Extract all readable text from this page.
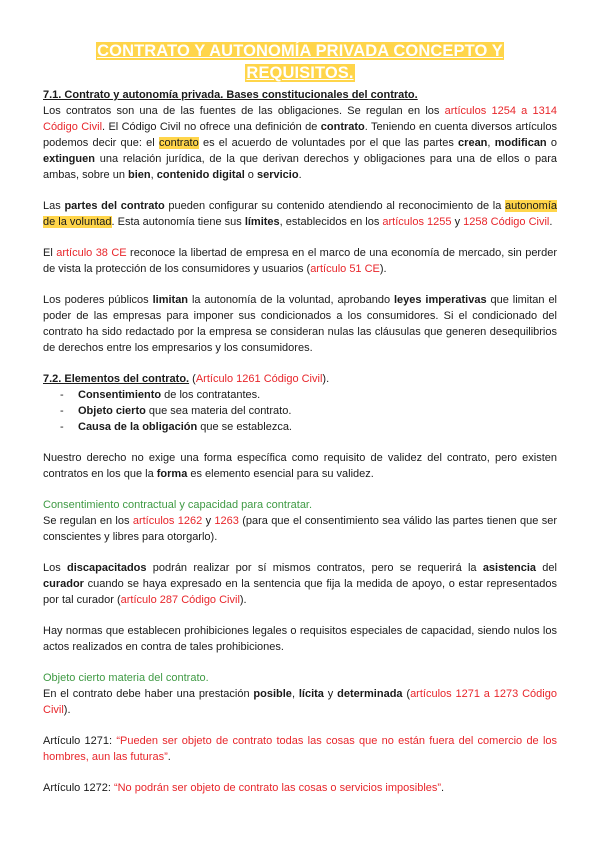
CONTRATO Y AUTONOMÍA PRIVADA CONCEPTO Y
REQUISITOS.
7.1. Contrato y autonomía privada. Bases constitucionales del contrato.

Los contratos son una de las fuentes de las obligaciones. Se regulan en los artículos 1254 a 1314 Código Civil. El Código Civil no ofrece una definición de contrato. Teniendo en cuenta diversos artículos podemos decir que: el contrato es el acuerdo de voluntades por el que las partes crean, modifican o extinguen una relación jurídica, de la que derivan derechos y obligaciones para una de ellos o para ambas, sobre un bien, contenido digital o servicio.

Las partes del contrato pueden configurar su contenido atendiendo al reconocimiento de la autonomía de la voluntad. Esta autonomía tiene sus límites, establecidos en los artículos 1255 y 1258 Código Civil.

El artículo 38 CE reconoce la libertad de empresa en el marco de una economía de mercado, sin perder de vista la protección de los consumidores y usuarios (artículo 51 CE).

Los poderes públicos limitan la autonomía de la voluntad, aprobando leyes imperativas que limitan el poder de las empresas para imponer sus condicionados a los consumidores. Si el condicionado del contrato ha sido redactado por la empresa se consideran nulas las cláusulas que generen desequilibrios de derechos entre los empresarios y los consumidores.

7.2. Elementos del contrato. (Artículo 1261 Código Civil).
- Consentimiento de los contratantes.
- Objeto cierto que sea materia del contrato.
- Causa de la obligación que se establezca.

Nuestro derecho no exige una forma específica como requisito de validez del contrato, pero existen contratos en los que la forma es elemento esencial para su validez.

Consentimiento contractual y capacidad para contratar.

Se regulan en los artículos 1262 y 1263 (para que el consentimiento sea válido las partes tienen que ser conscientes y libres para otorgarlo).

Los discapacitados podrán realizar por sí mismos contratos, pero se requerirá la asistencia del curador cuando se haya expresado en la sentencia que fija la medida de apoyo, o estar representados por tal curador (artículo 287 Código Civil).

Hay normas que establecen prohibiciones legales o requisitos especiales de capacidad, siendo nulos los actos realizados en contra de tales prohibiciones.

Objeto cierto materia del contrato.

En el contrato debe haber una prestación posible, lícita y determinada (artículos 1271 a 1273 Código Civil).

Artículo 1271: “Pueden ser objeto de contrato todas las cosas que no están fuera del comercio de los hombres, aun las futuras”.

Artículo 1272: “No podrán ser objeto de contrato las cosas o servicios imposibles”.
